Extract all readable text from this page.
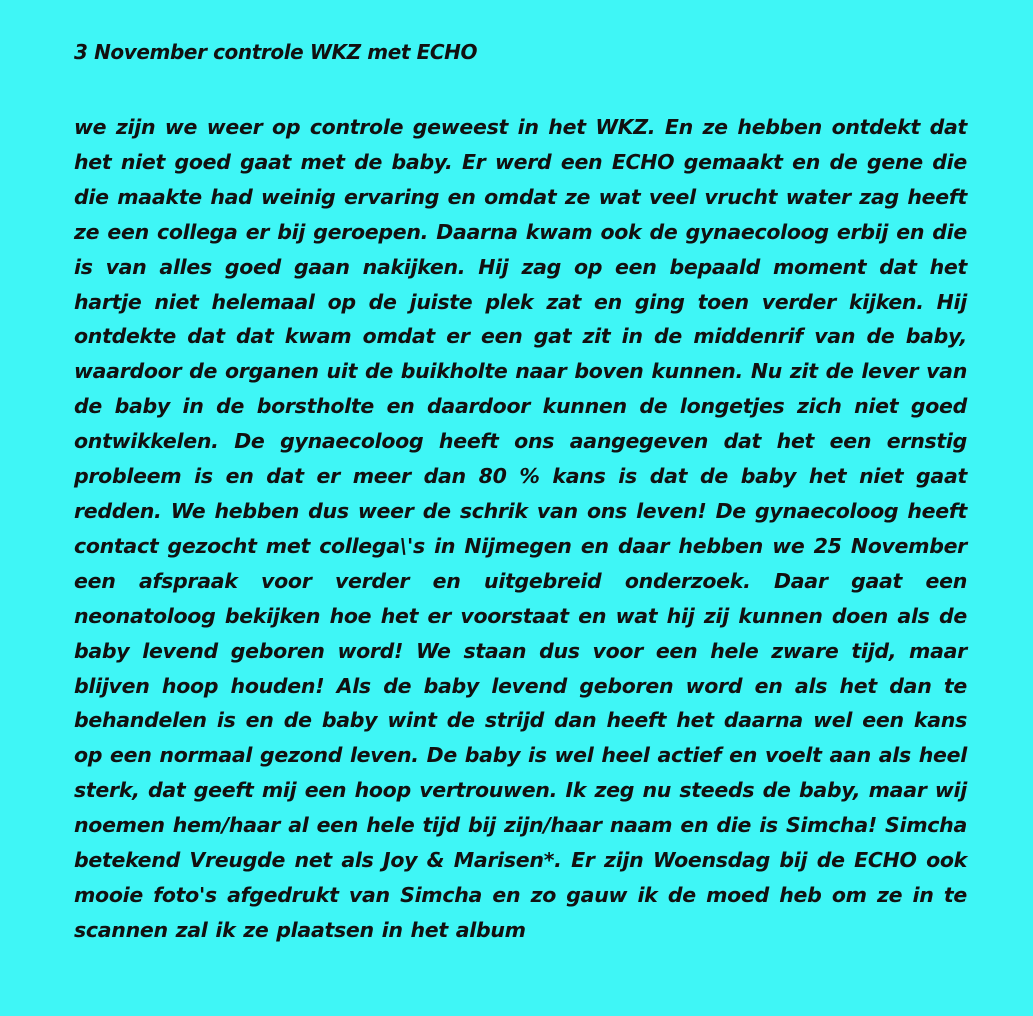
3 November controle WKZ met ECHO

we zijn we weer op controle geweest in het WKZ. En ze hebben ontdekt dat het niet goed gaat met de baby. Er werd een ECHO gemaakt en de gene die die maakte had weinig ervaring en omdat ze wat veel vrucht water zag heeft ze een collega er bij geroepen. Daarna kwam ook de gynaecoloog erbij en die is van alles goed gaan nakijken. Hij zag op een bepaald moment dat het hartje niet helemaal op de juiste plek zat en ging toen verder kijken. Hij ontdekte dat dat kwam omdat er een gat zit in de middenrif van de baby, waardoor de organen uit de buikholte naar boven kunnen. Nu zit de lever van de baby in de borstholte en daardoor kunnen de longetjes zich niet goed ontwikkelen. De gynaecoloog heeft ons aangegeven dat het een ernstig probleem is en dat er meer dan 80 % kans is dat de baby het niet gaat redden. We hebben dus weer de schrik van ons leven! De gynaecoloog heeft contact gezocht met collega\'s in Nijmegen en daar hebben we 25 November een afspraak voor verder en uitgebreid onderzoek. Daar gaat een neonatoloog bekijken hoe het er voorstaat en wat hij zij kunnen doen als de baby levend geboren word! We staan dus voor een hele zware tijd, maar blijven hoop houden! Als de baby levend geboren word en als het dan te behandelen is en de baby wint de strijd dan heeft het daarna wel een kans op een normaal gezond leven. De baby is wel heel actief en voelt aan als heel sterk, dat geeft mij een hoop vertrouwen. Ik zeg nu steeds de baby, maar wij noemen hem/haar al een hele tijd bij zijn/haar naam en die is Simcha! Simcha betekend Vreugde net als Joy & Marisen*. Er zijn Woensdag bij de ECHO ook mooie foto's afgedrukt van Simcha en zo gauw ik de moed heb om ze in te scannen zal ik ze plaatsen in het album
